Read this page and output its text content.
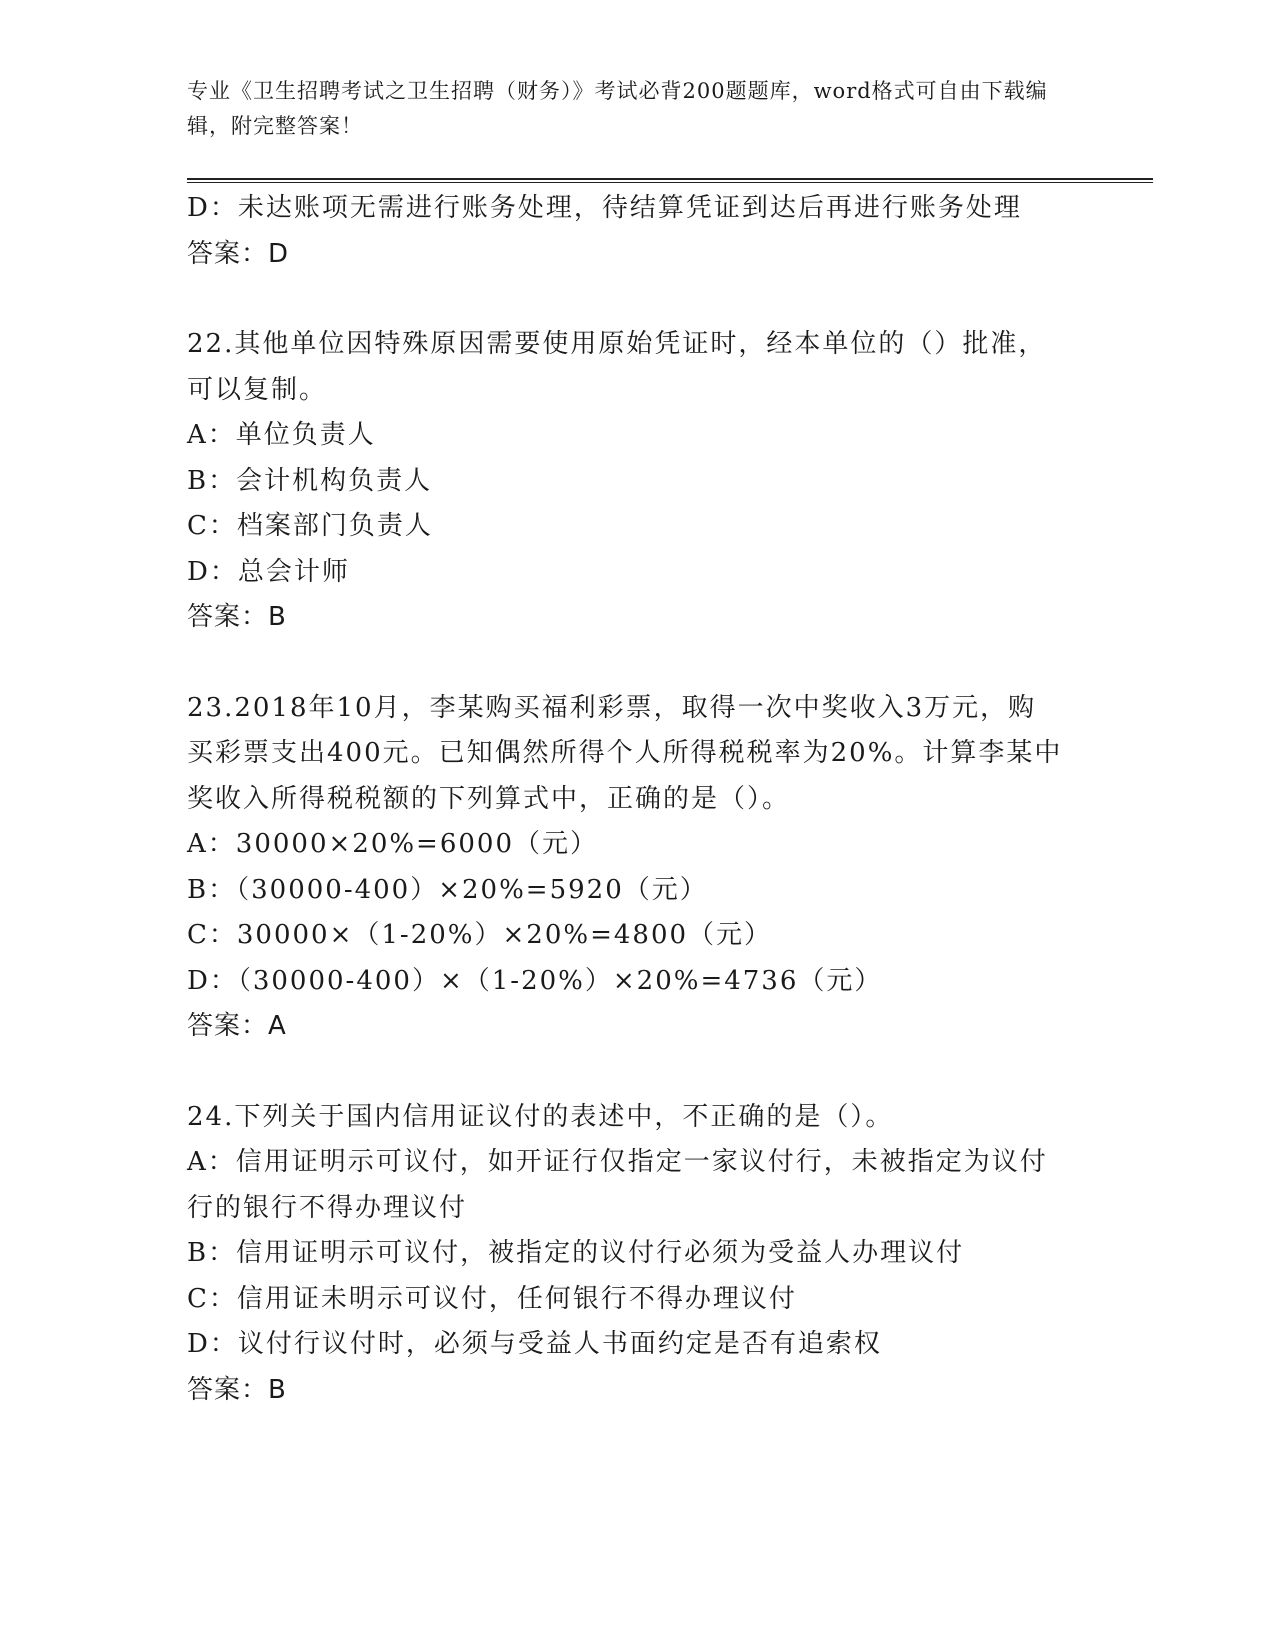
专业《卫生招聘考试之卫生招聘（财务）》考试必背200题题库，word格式可自由下载编辑，附完整答案！
D：未达账项无需进行账务处理，待结算凭证到达后再进行账务处理
答案：D
22.其他单位因特殊原因需要使用原始凭证时，经本单位的（）批准，
可以复制。
A：单位负责人
B：会计机构负责人
C：档案部门负责人
D：总会计师
答案：B
23.2018年10月，李某购买福利彩票，取得一次中奖收入3万元，购
买彩票支出400元。已知偶然所得个人所得税税率为20%。计算李某中
奖收入所得税税额的下列算式中，正确的是（）。
A：30000×20%=6000（元）
B：（30000-400）×20%=5920（元）
C：30000×（1-20%）×20%=4800（元）
D：（30000-400）×（1-20%）×20%=4736（元）
答案：A
24.下列关于国内信用证议付的表述中，不正确的是（）。
A：信用证明示可议付，如开证行仅指定一家议付行，未被指定为议付
行的银行不得办理议付
B：信用证明示可议付，被指定的议付行必须为受益人办理议付
C：信用证未明示可议付，任何银行不得办理议付
D：议付行议付时，必须与受益人书面约定是否有追索权
答案：B
